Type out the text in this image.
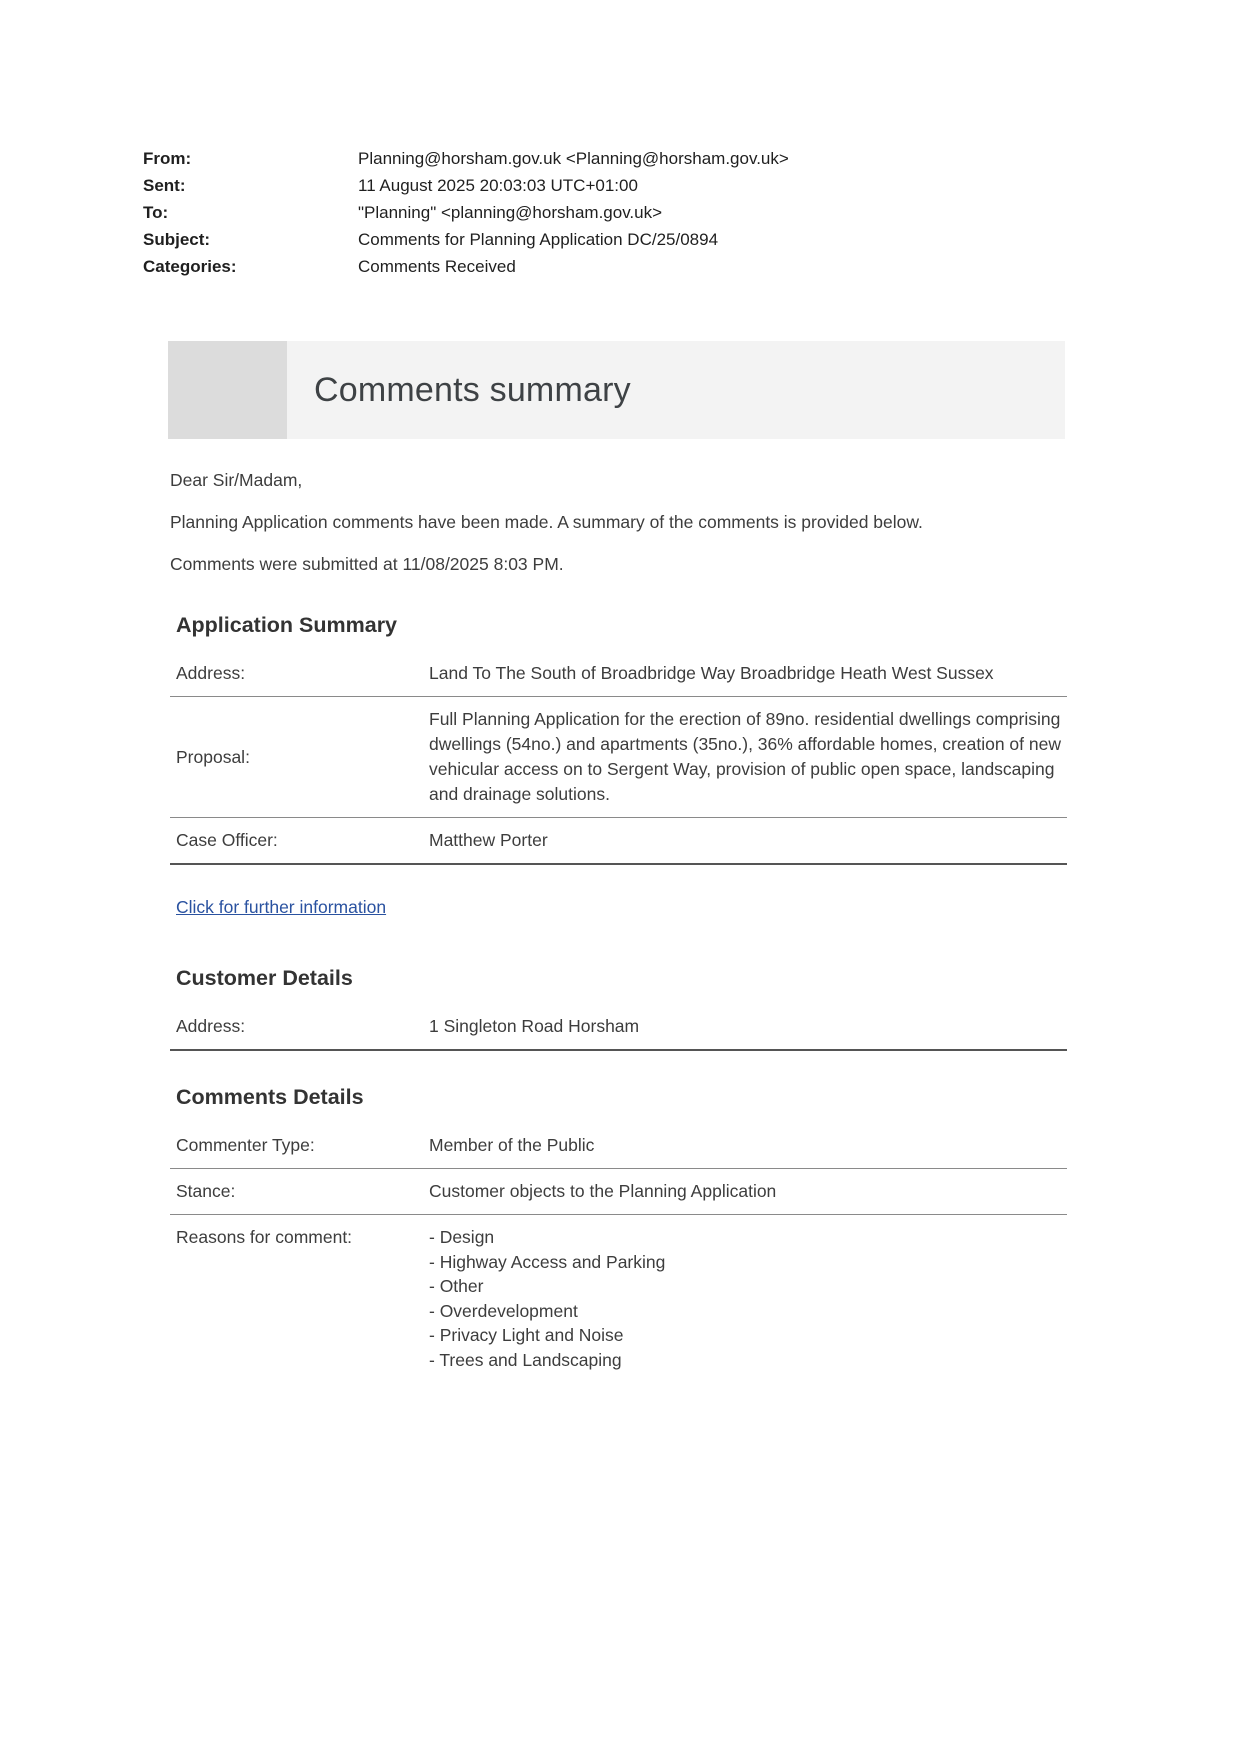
From:	Planning@horsham.gov.uk <Planning@horsham.gov.uk>
Sent:	11 August 2025 20:03:03 UTC+01:00
To:	"Planning" <planning@horsham.gov.uk>
Subject:	Comments for Planning Application DC/25/0894
Categories:	Comments Received
Comments summary
Dear Sir/Madam,
Planning Application comments have been made. A summary of the comments is provided below.
Comments were submitted at 11/08/2025 8:03 PM.
Application Summary
Address:	Land To The South of Broadbridge Way Broadbridge Heath West Sussex
Proposal:
Full Planning Application for the erection of 89no. residential dwellings comprising dwellings (54no.) and apartments (35no.), 36% affordable homes, creation of new vehicular access on to Sergent Way, provision of public open space, landscaping and drainage solutions.
Case Officer:	Matthew Porter
Click for further information
Customer Details
Address:	1 Singleton Road Horsham
Comments Details
Commenter Type:	Member of the Public
Stance:	Customer objects to the Planning Application
Reasons for comment:	- Design
- Highway Access and Parking
- Other
- Overdevelopment
- Privacy Light and Noise
- Trees and Landscaping
